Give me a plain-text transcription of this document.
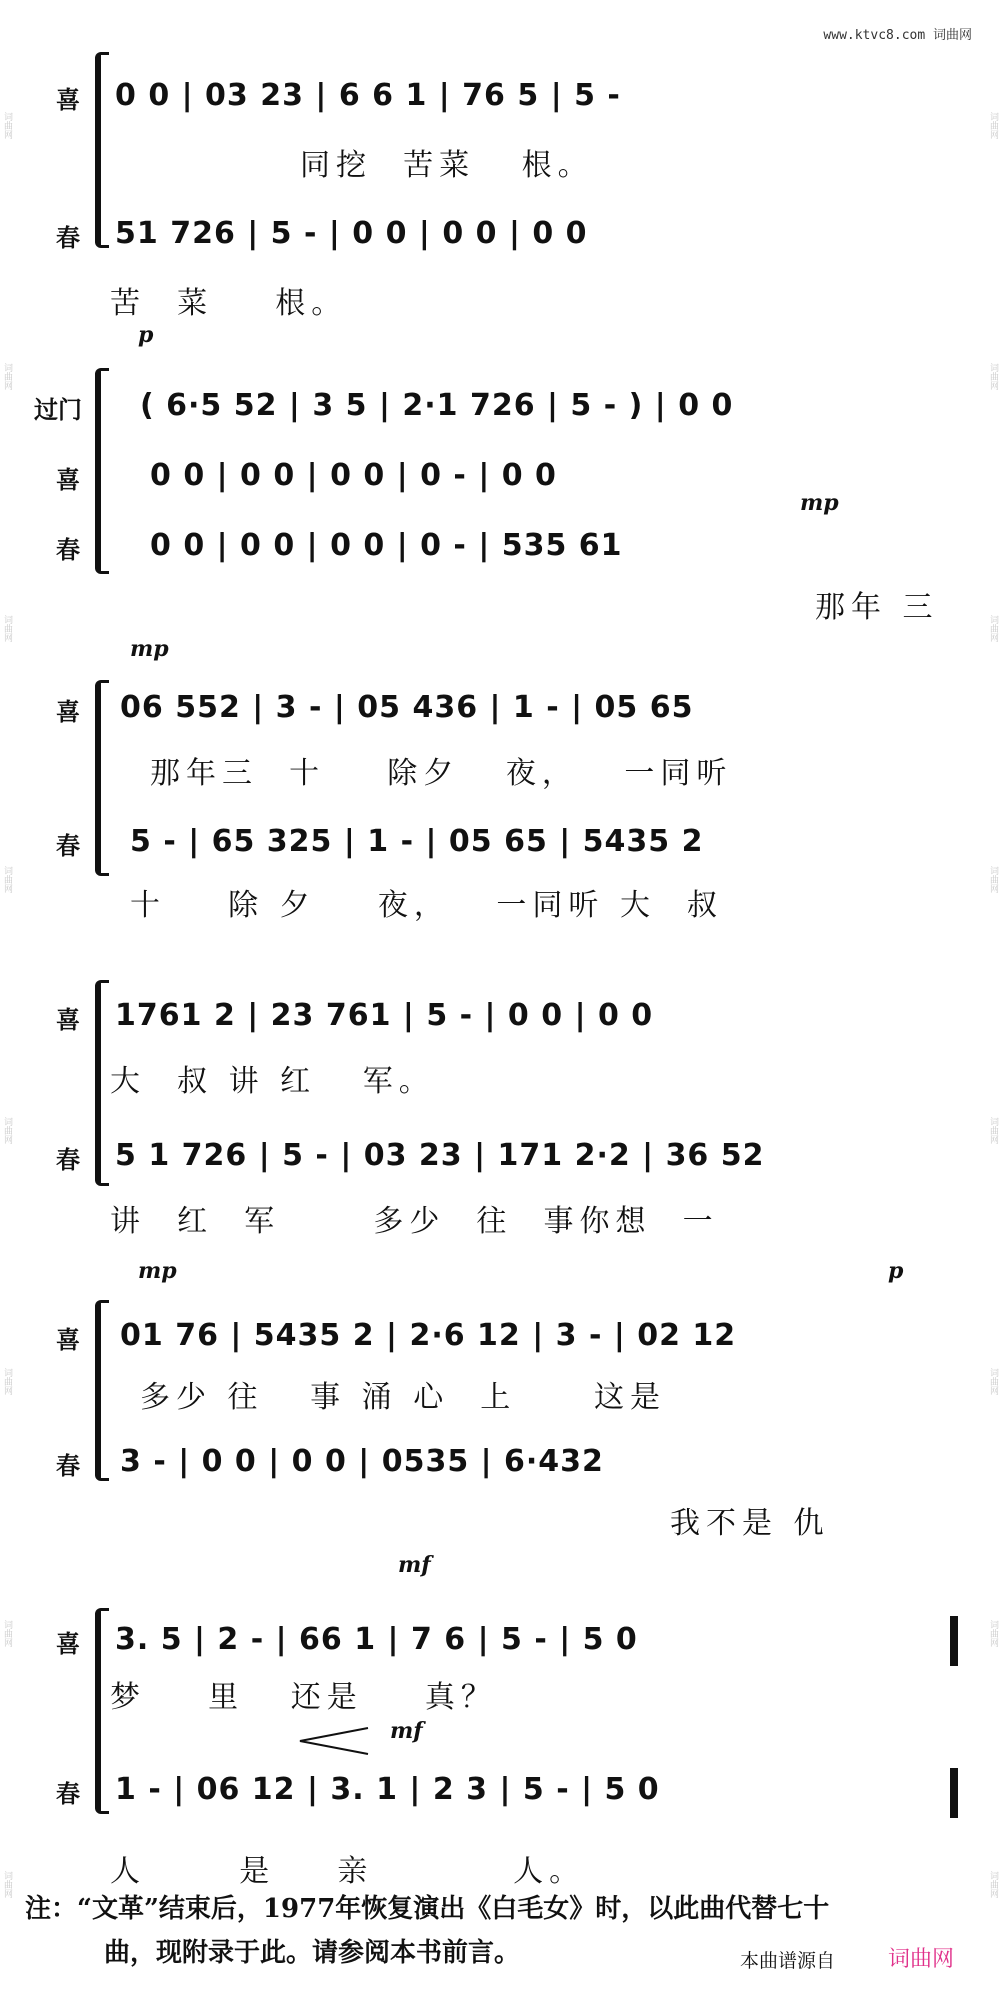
词曲网
词曲网
词曲网
词曲网
词曲网
词曲网
词曲网
词曲网
词曲网
词曲网
词曲网
词曲网
词曲网
词曲网
词曲网
词曲网
www.ktvc8.com 词曲网
喜 0 0 | 03 23 | 6 6 1 | 76 5 | 5 -
同挖  苦菜   根。
春 51 726 | 5 - | 0 0 | 0 0 | 0 0
苦  菜    根。
p
过门 ( 6·5 52 | 3 5 | 2·1 726 | 5 - ) | 0 0
喜 0 0 | 0 0 | 0 0 | 0 - | 0 0
mp
春 0 0 | 0 0 | 0 0 | 0 - | 535 61
那年 三
mp
喜 06 552 | 3 - | 05 436 | 1 - | 05 65
那年三  十    除夕   夜，   一同听
春 5 - | 65 325 | 1 - | 05 65 | 5435 2
十    除 夕    夜，   一同听 大  叔
喜 1761 2 | 23 761 | 5 - | 0 0 | 0 0
大  叔 讲 红   军。
春 5 1 726 | 5 - | 03 23 | 171 2·2 | 36 52
讲  红  军      多少  往  事你想  一
mp	p
喜 01 76 | 5435 2 | 2·6 12 | 3 - | 02 12
多少 往   事 涌 心  上     这是
春 3 - | 0 0 | 0 0 | 0535 | 6·432
我不是 仇
mf
喜 3. 5 | 2 - | 66 1 | 7 6 | 5 - | 5 0
梦    里   还是    真？
mf
春 1 - | 06 12 | 3. 1 | 2 3 | 5 - | 5 0
人      是    亲         人。
注：“文革”结束后，1977年恢复演出《白毛女》时，以此曲代替七十
曲，现附录于此。请参阅本书前言。	本曲谱源自 词曲网
